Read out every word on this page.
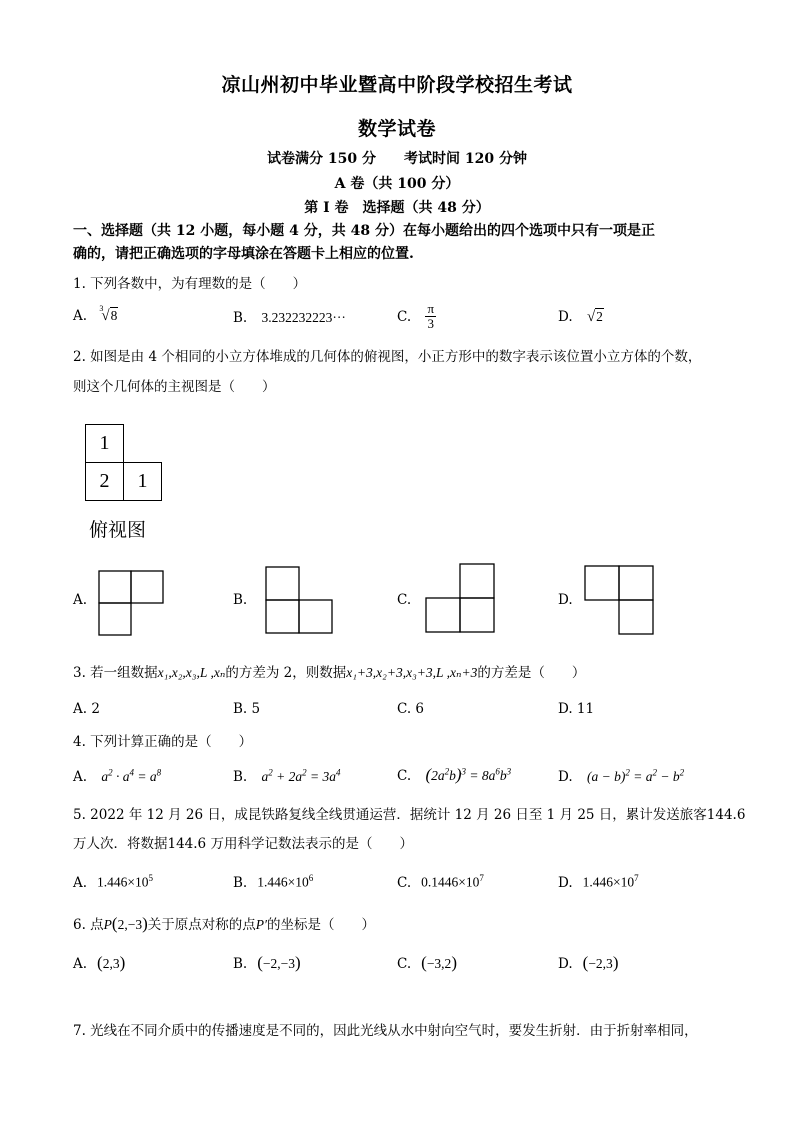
凉山州初中毕业暨高中阶段学校招生考试
数学试卷
试卷满分 150 分　　考试时间 120 分钟
A 卷（共 100 分）
第 I 卷　选择题（共 48 分）
一、选择题（共 12 小题，每小题 4 分，共 48 分）在每小题给出的四个选项中只有一项是正
确的，请把正确选项的字母填涂在答题卡上相应的位置.
1. 下列各数中，为有理数的是（　　）
A. 3
√8	B. 3.232232223···	C. $\frac{\pi}{3}$	D. √2
2. 如图是由 4 个相同的小立方体堆成的几何体的俯视图，小正方形中的数字表示该位置小立方体的个数，
则这个几何体的主视图是（　　）
1
2	1
俯视图
A.	B.	C.	D.
3. 若一组数据x₁,x₂,x₃,L ,xₙ的方差为 2，则数据x₁+3,x₂+3,x₃+3,L ,xₙ+3的方差是（　　）
A. 2	B. 5	C. 6	D. 11
4. 下列计算正确的是（　　）
A. $a^2 \cdot a^4 = a^8$	B. $a^2 + 2a^2 = 3a^4$	C. $(2a^2b)^3 = 8a^6b^3$	D. $(a - b)^2 = a^2 - b^2$
5. 2022 年 12 月 26 日，成昆铁路复线全线贯通运营．据统计 12 月 26 日至 1 月 25 日，累计发送旅客144.6
万人次．将数据144.6 万用科学记数法表示的是（　　）
A. $1.446\times 10^5$	B. $1.446\times 10^6$	C. $0.1446\times 10^7$	D. $1.446\times 10^7$
6. 点P(2,−3)关于原点对称的点P′的坐标是（　　）
A. (2,3)	B. (−2,−3)	C. (−3,2)	D. (−2,3)
7. 光线在不同介质中的传播速度是不同的，因此光线从水中射向空气时，要发生折射．由于折射率相同，
